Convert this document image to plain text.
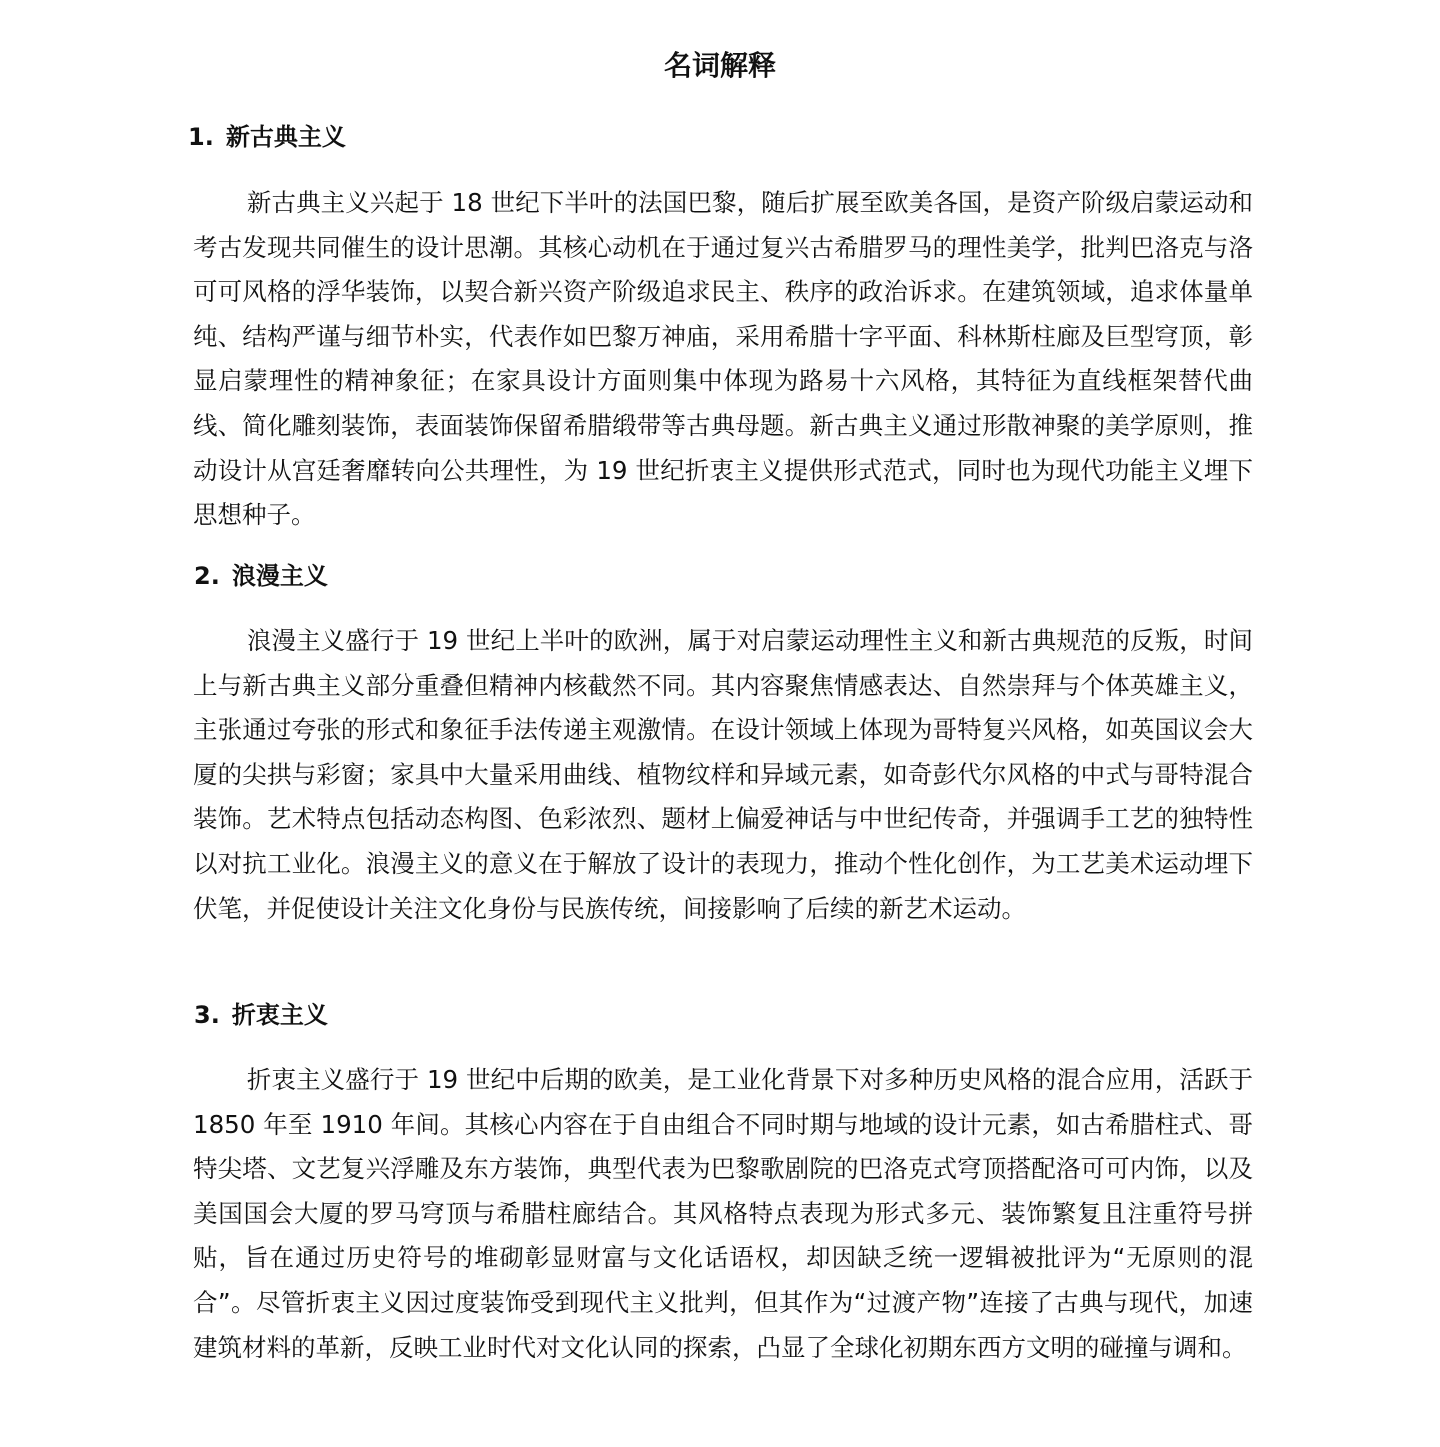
名词解释
1. 新古典主义

新古典主义兴起于 18 世纪下半叶的法国巴黎，随后扩展至欧美各国，是资产阶级启蒙运动和考古发现共同催生的设计思潮。其核心动机在于通过复兴古希腊罗马的理性美学，批判巴洛克与洛可可风格的浮华装饰，以契合新兴资产阶级追求民主、秩序的政治诉求。在建筑领域，追求体量单纯、结构严谨与细节朴实，代表作如巴黎万神庙，采用希腊十字平面、科林斯柱廊及巨型穹顶，彰显启蒙理性的精神象征；在家具设计方面则集中体现为路易十六风格，其特征为直线框架替代曲线、简化雕刻装饰，表面装饰保留希腊缎带等古典母题。新古典主义通过形散神聚的美学原则，推动设计从宫廷奢靡转向公共理性，为 19 世纪折衷主义提供形式范式，同时也为现代功能主义埋下思想种子。

2. 浪漫主义

浪漫主义盛行于 19 世纪上半叶的欧洲，属于对启蒙运动理性主义和新古典规范的反叛，时间上与新古典主义部分重叠但精神内核截然不同。其内容聚焦情感表达、自然崇拜与个体英雄主义，主张通过夸张的形式和象征手法传递主观激情。在设计领域上体现为哥特复兴风格，如英国议会大厦的尖拱与彩窗；家具中大量采用曲线、植物纹样和异域元素，如奇彭代尔风格的中式与哥特混合装饰。艺术特点包括动态构图、色彩浓烈、题材上偏爱神话与中世纪传奇，并强调手工艺的独特性以对抗工业化。浪漫主义的意义在于解放了设计的表现力，推动个性化创作，为工艺美术运动埋下伏笔，并促使设计关注文化身份与民族传统，间接影响了后续的新艺术运动。

3. 折衷主义

折衷主义盛行于 19 世纪中后期的欧美，是工业化背景下对多种历史风格的混合应用，活跃于 1850 年至 1910 年间。其核心内容在于自由组合不同时期与地域的设计元素，如古希腊柱式、哥特尖塔、文艺复兴浮雕及东方装饰，典型代表为巴黎歌剧院的巴洛克式穹顶搭配洛可可内饰，以及美国国会大厦的罗马穹顶与希腊柱廊结合。其风格特点表现为形式多元、装饰繁复且注重符号拼贴，旨在通过历史符号的堆砌彰显财富与文化话语权，却因缺乏统一逻辑被批评为“无原则的混合”。尽管折衷主义因过度装饰受到现代主义批判，但其作为“过渡产物”连接了古典与现代，加速建筑材料的革新，反映工业时代对文化认同的探索，凸显了全球化初期东西方文明的碰撞与调和。
